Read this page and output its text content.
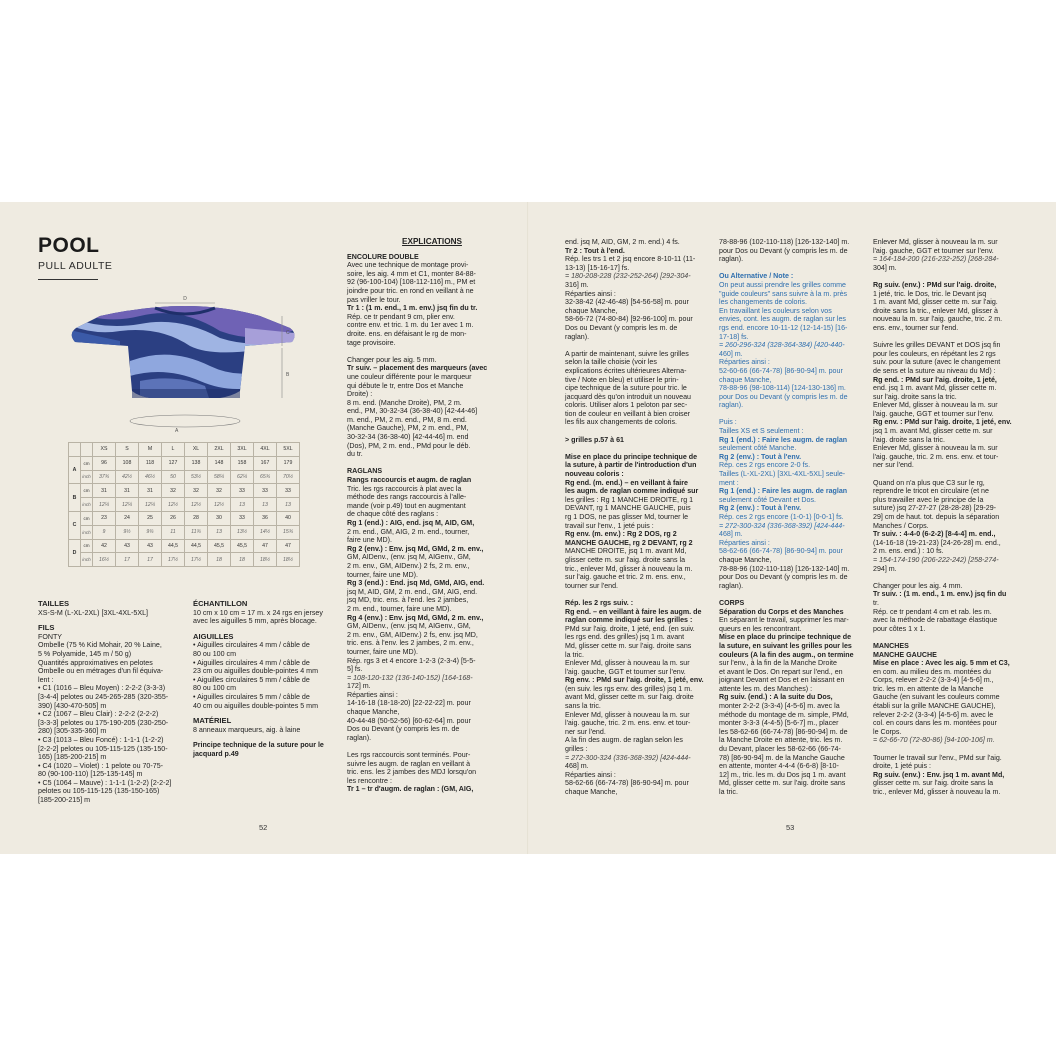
POOL
PULL ADULTE
D
C
B
A
		XS	S	M	L	XL	2XL	3XL	4XL	5XL
A	cm	96	108	118	127	138	148	158	167	179
	inch	37¾	42½	46½	50	53½	58¼	62¼	65¾	70½
B	cm	31	31	31	32	32	32	33	33	33
	inch	12¼	12¼	12¼	12½	12½	12½	13	13	13
C	cm	23	24	25	26	28	30	33	36	40
	inch	9	9½	9¾	11	11¾	13	13½	14½	15¾
D	cm	42	43	43	44,5	44,5	45,5	45,5	47	47
	inch	16½	17	17	17½	17½	18	18	18½	18½
TAILLES
XS-S-M (L-XL-2XL) [3XL-4XL-5XL]
FILS
FONTY
Ombelle (75 % Kid Mohair, 20 % Laine,
5 % Polyamide, 145 m / 50 g)
Quantités approximatives en pelotes
Ombelle ou en métrages d'un fil équiva-
lent :
• C1 (1016 – Bleu Moyen) : 2-2-2 (3-3-3)
[3-4-4] pelotes ou 245-265-285 (320-355-
390) [430-470-505] m
• C2 (1067 – Bleu Clair) : 2-2-2 (2-2-2)
[3-3-3] pelotes ou 175-190-205 (230-250-
280) [305-335-360] m
• C3 (1013 – Bleu Foncé) : 1-1-1 (1-2-2)
[2-2-2] pelotes ou 105-115-125 (135-150-
165) [185-200-215] m
• C4 (1020 – Violet) : 1 pelote ou 70-75-
80 (90-100-110) [125-135-145] m
• C5 (1064 – Mauve) : 1-1-1 (1-2-2) [2-2-2]
pelotes ou 105-115-125 (135-150-165)
[185-200-215] m
ÉCHANTILLON
10 cm x 10 cm = 17 m. x 24 rgs en jersey
avec les aiguilles 5 mm, après blocage.
AIGUILLES
• Aiguilles circulaires 4 mm / câble de
80 ou 100 cm
• Aiguilles circulaires 4 mm / câble de
23 cm ou aiguilles double-pointes 4 mm
• Aiguilles circulaires 5 mm / câble de
80 ou 100 cm
• Aiguilles circulaires 5 mm / câble de
40 cm ou aiguilles double-pointes 5 mm
MATÉRIEL
8 anneaux marqueurs, aig. à laine
Principe technique de la suture pour le
jacquard p.49
EXPLICATIONS
ENCOLURE DOUBLE
Avec une technique de montage provi-
soire, les aig. 4 mm et C1, monter 84-88-
92 (96-100-104) [108-112-116] m., PM et
joindre pour tric. en rond en veillant à ne
pas vriller le tour.
Tr 1 : (1 m. end., 1 m. env.) jsq fin du tr.
Rép. ce tr pendant 9 cm, plier env.
contre env. et tric. 1 m. du 1er avec 1 m.
droite. ens. en défaisant le rg de mon-
tage provisoire.

Changer pour les aig. 5 mm.
Tr suiv. – placement des marqueurs (avec
une couleur différente pour le marqueur
qui débute le tr, entre Dos et Manche
Droite) :
8 m. end. (Manche Droite), PM, 2 m.
end., PM, 30-32-34 (36-38-40) [42-44-46]
m. end., PM, 2 m. end., PM, 8 m. end.
(Manche Gauche), PM, 2 m. end., PM,
30-32-34 (36-38-40) [42-44-46] m. end
(Dos), PM, 2 m. end., PMd pour le déb.
du tr.

RAGLANS
Rangs raccourcis et augm. de raglan
Tric. les rgs raccourcis à plat avec la
méthode des rangs raccourcis à l'alle-
mande (voir p.49) tout en augmentant
de chaque côté des raglans :
Rg 1 (end.) : AIG, end. jsq M, AID, GM,
2 m. end., GM, AIG, 2 m. end., tourner,
faire une MD).
Rg 2 (env.) : Env. jsq Md, GMd, 2 m. env.,
GM, AIDenv., (env. jsq M, AIGenv., GM,
2 m. env., GM, AIDenv.) 2 fs, 2 m. env.,
tourner, faire une MD).
Rg 3 (end.) : End. jsq Md, GMd, AIG, end.
jsq M, AID, GM, 2 m. end., GM, AIG, end.
jsq MD, tric. ens. à l'end. les 2 jambes,
2 m. end., tourner, faire une MD).
Rg 4 (env.) : Env. jsq Md, GMd, 2 m. env.,
GM, AIDenv., (env. jsq M, AIGenv., GM,
2 m. env., GM, AIDenv.) 2 fs, env. jsq MD,
tric. ens. à l'env. les 2 jambes, 2 m. env.,
tourner, faire une MD).
Rép. rgs 3 et 4 encore 1-2-3 (2-3-4) [5-5-
5] fs.
= 108-120-132 (136-140-152) [164-168-
172] m.
Réparties ainsi :
14-16-18 (18-18-20) [22-22-22] m. pour
chaque Manche,
40-44-48 (50-52-56) [60-62-64] m. pour
Dos ou Devant (y compris les m. de
raglan).

Les rgs raccourcis sont terminés. Pour-
suivre les augm. de raglan en veillant à
tric. ens. les 2 jambes des MDJ lorsqu'on
les rencontre :
Tr 1 – tr d'augm. de raglan : (GM, AIG,
52
end. jsq M, AID, GM, 2 m. end.) 4 fs.
Tr 2 : Tout à l'end.
Rép. les trs 1 et 2 jsq encore 8-10-11 (11-
13-13) [15-16-17] fs.
= 180-208-228 (232-252-264) [292-304-
316] m.
Réparties ainsi :
32-38-42 (42-46-48) [54-56-58] m. pour
chaque Manche,
58-66-72 (74-80-84) [92-96-100] m. pour
Dos ou Devant (y compris les m. de
raglan).

A partir de maintenant, suivre les grilles
selon la taille choisie (voir les
explications écrites ultérieures Alterna-
tive / Note en bleu) et utiliser le prin-
cipe technique de la suture pour tric. le
jacquard dès qu'on introduit un nouveau
coloris. Utiliser alors 1 peloton par sec-
tion de couleur en veillant à bien croiser
les fils aux changements de coloris.

> grilles p.57 à 61

Mise en place du principe technique de
la suture, à partir de l'introduction d'un
nouveau coloris :
Rg end. (m. end.) – en veillant à faire
les augm. de raglan comme indiqué sur
les grilles : Rg 1 MANCHE DROITE, rg 1
DEVANT, rg 1 MANCHE GAUCHE, puis
rg 1 DOS, ne pas glisser Md, tourner le
travail sur l'env., 1 jeté puis :
Rg env. (m. env.) : Rg 2 DOS, rg 2
MANCHE GAUCHE, rg 2 DEVANT, rg 2
MANCHE DROITE, jsq 1 m. avant Md,
glisser cette m. sur l'aig. droite sans la
tric., enlever Md, glisser à nouveau la m.
sur l'aig. gauche et tric. 2 m. ens. env.,
tourner sur l'end.

Rép. les 2 rgs suiv. :
Rg end. – en veillant à faire les augm. de
raglan comme indiqué sur les grilles :
PMd sur l'aig. droite, 1 jeté, end. (en suiv.
les rgs end. des grilles) jsq 1 m. avant
Md, glisser cette m. sur l'aig. droite sans
la tric.
Enlever Md, glisser à nouveau la m. sur
l'aig. gauche, GGT et tourner sur l'env.
Rg env. : PMd sur l'aig. droite, 1 jeté, env.
(en suiv. les rgs env. des grilles) jsq 1 m.
avant Md, glisser cette m. sur l'aig. droite
sans la tric.
Enlever Md, glisser à nouveau la m. sur
l'aig. gauche, tric. 2 m. ens. env. et tour-
ner sur l'end.
A la fin des augm. de raglan selon les
grilles :
= 272-300-324 (336-368-392) [424-444-
468] m.
Réparties ainsi :
58-62-66 (66-74-78) [86-90-94] m. pour
chaque Manche,
78-88-96 (102-110-118) [126-132-140] m.
pour Dos ou Devant (y compris les m. de
raglan).

Ou Alternative / Note :
On peut aussi prendre les grilles comme
"guide couleurs" sans suivre à la m. près
les changements de coloris.
En travaillant les couleurs selon vos
envies, cont. les augm. de raglan sur les
rgs end. encore 10-11-12 (12-14-15) [16-
17-18] fs.
= 260-296-324 (328-364-384) [420-440-
460] m.
Réparties ainsi :
52-60-66 (66-74-78) [86-90-94] m. pour
chaque Manche,
78-88-96 (98-108-114) [124-130-136] m.
pour Dos ou Devant (y compris les m. de
raglan).

Puis :
Tailles XS et S seulement :
Rg 1 (end.) : Faire les augm. de raglan
seulement côté Manche.
Rg 2 (env.) : Tout à l'env.
Rép. ces 2 rgs encore 2-0 fs.
Tailles (L-XL-2XL) [3XL-4XL-5XL] seule-
ment :
Rg 1 (end.) : Faire les augm. de raglan
seulement côté Devant et Dos.
Rg 2 (env.) : Tout à l'env.
Rép. ces 2 rgs encore (1-0-1) [0-0-1] fs.
= 272-300-324 (336-368-392) [424-444-
468] m.
Réparties ainsi :
58-62-66 (66-74-78) [86-90-94] m. pour
chaque Manche,
78-88-96 (102-110-118) [126-132-140] m.
pour Dos ou Devant (y compris les m. de
raglan).

CORPS
Séparation du Corps et des Manches
En séparant le travail, supprimer les mar-
queurs en les rencontrant.
Mise en place du principe technique de
la suture, en suivant les grilles pour les
couleurs (A la fin des augm., on termine
sur l'env., à la fin de la Manche Droite
et avant le Dos. On repart sur l'end., en
joignant Devant et Dos et en laissant en
attente les m. des Manches) :
Rg suiv. (end.) : A la suite du Dos,
monter 2-2-2 (3-3-4) [4-5-6] m. avec la
méthode du montage de m. simple, PMd,
monter 3-3-3 (4-4-5) [5-6-7] m., placer
les 58-62-66 (66-74-78) [86-90-94] m. de
la Manche Droite en attente, tric. les m.
du Devant, placer les 58-62-66 (66-74-
78) [86-90-94] m. de la Manche Gauche
en attente, monter 4-4-4 (6-6-8) [8-10-
12] m., tric. les m. du Dos jsq 1 m. avant
Md, glisser cette m. sur l'aig. droite sans
la tric.
Enlever Md, glisser à nouveau la m. sur
l'aig. gauche, GGT et tourner sur l'env.
= 164-184-200 (216-232-252) [268-284-
304] m.

Rg suiv. (env.) : PMd sur l'aig. droite,
1 jeté, tric. le Dos, tric. le Devant jsq
1 m. avant Md, glisser cette m. sur l'aig.
droite sans la tric., enlever Md, glisser à
nouveau la m. sur l'aig. gauche, tric. 2 m.
ens. env., tourner sur l'end.

Suivre les grilles DEVANT et DOS jsq fin
pour les couleurs, en répétant les 2 rgs
suiv. pour la suture (avec le changement
de sens et la suture au niveau du Md) :
Rg end. : PMd sur l'aig. droite, 1 jeté,
end. jsq 1 m. avant Md, glisser cette m.
sur l'aig. droite sans la tric.
Enlever Md, glisser à nouveau la m. sur
l'aig. gauche, GGT et tourner sur l'env.
Rg env. : PMd sur l'aig. droite, 1 jeté, env.
jsq 1 m. avant Md, glisser cette m. sur
l'aig. droite sans la tric.
Enlever Md, glisser à nouveau la m. sur
l'aig. gauche, tric. 2 m. ens. env. et tour-
ner sur l'end.

Quand on n'a plus que C3 sur le rg,
reprendre le tricot en circulaire (et ne
plus travailler avec le principe de la
suture) jsq 27-27-27 (28-28-28) [29-29-
29] cm de haut. tot. depuis la séparation
Manches / Corps.
Tr suiv. : 4-4-0 (6-2-2) [8-4-4] m. end.,
(14-16-18 (19-21-23) [24-26-28] m. end.,
2 m. ens. end.) : 10 fs.
= 154-174-190 (206-222-242) [258-274-
294] m.

Changer pour les aig. 4 mm.
Tr suiv. : (1 m. end., 1 m. env.) jsq fin du
tr.
Rép. ce tr pendant 4 cm et rab. les m.
avec la méthode de rabattage élastique
pour côtes 1 x 1.

MANCHES
MANCHE GAUCHE
Mise en place : Avec les aig. 5 mm et C3,
en com. au milieu des m. montées du
Corps, relever 2-2-2 (3-3-4) [4-5-6] m.,
tric. les m. en attente de la Manche
Gauche (en suivant les couleurs comme
établi sur la grille MANCHE GAUCHE),
relever 2-2-2 (3-3-4) [4-5-6] m. avec le
col. en cours dans les m. montées pour
le Corps.
= 62-66-70 (72-80-86) [94-100-106] m.

Tourner le travail sur l'env., PMd sur l'aig.
droite, 1 jeté puis :
Rg suiv. (env.) : Env. jsq 1 m. avant Md,
glisser cette m. sur l'aig. droite sans la
tric., enlever Md, glisser à nouveau la m.
53
